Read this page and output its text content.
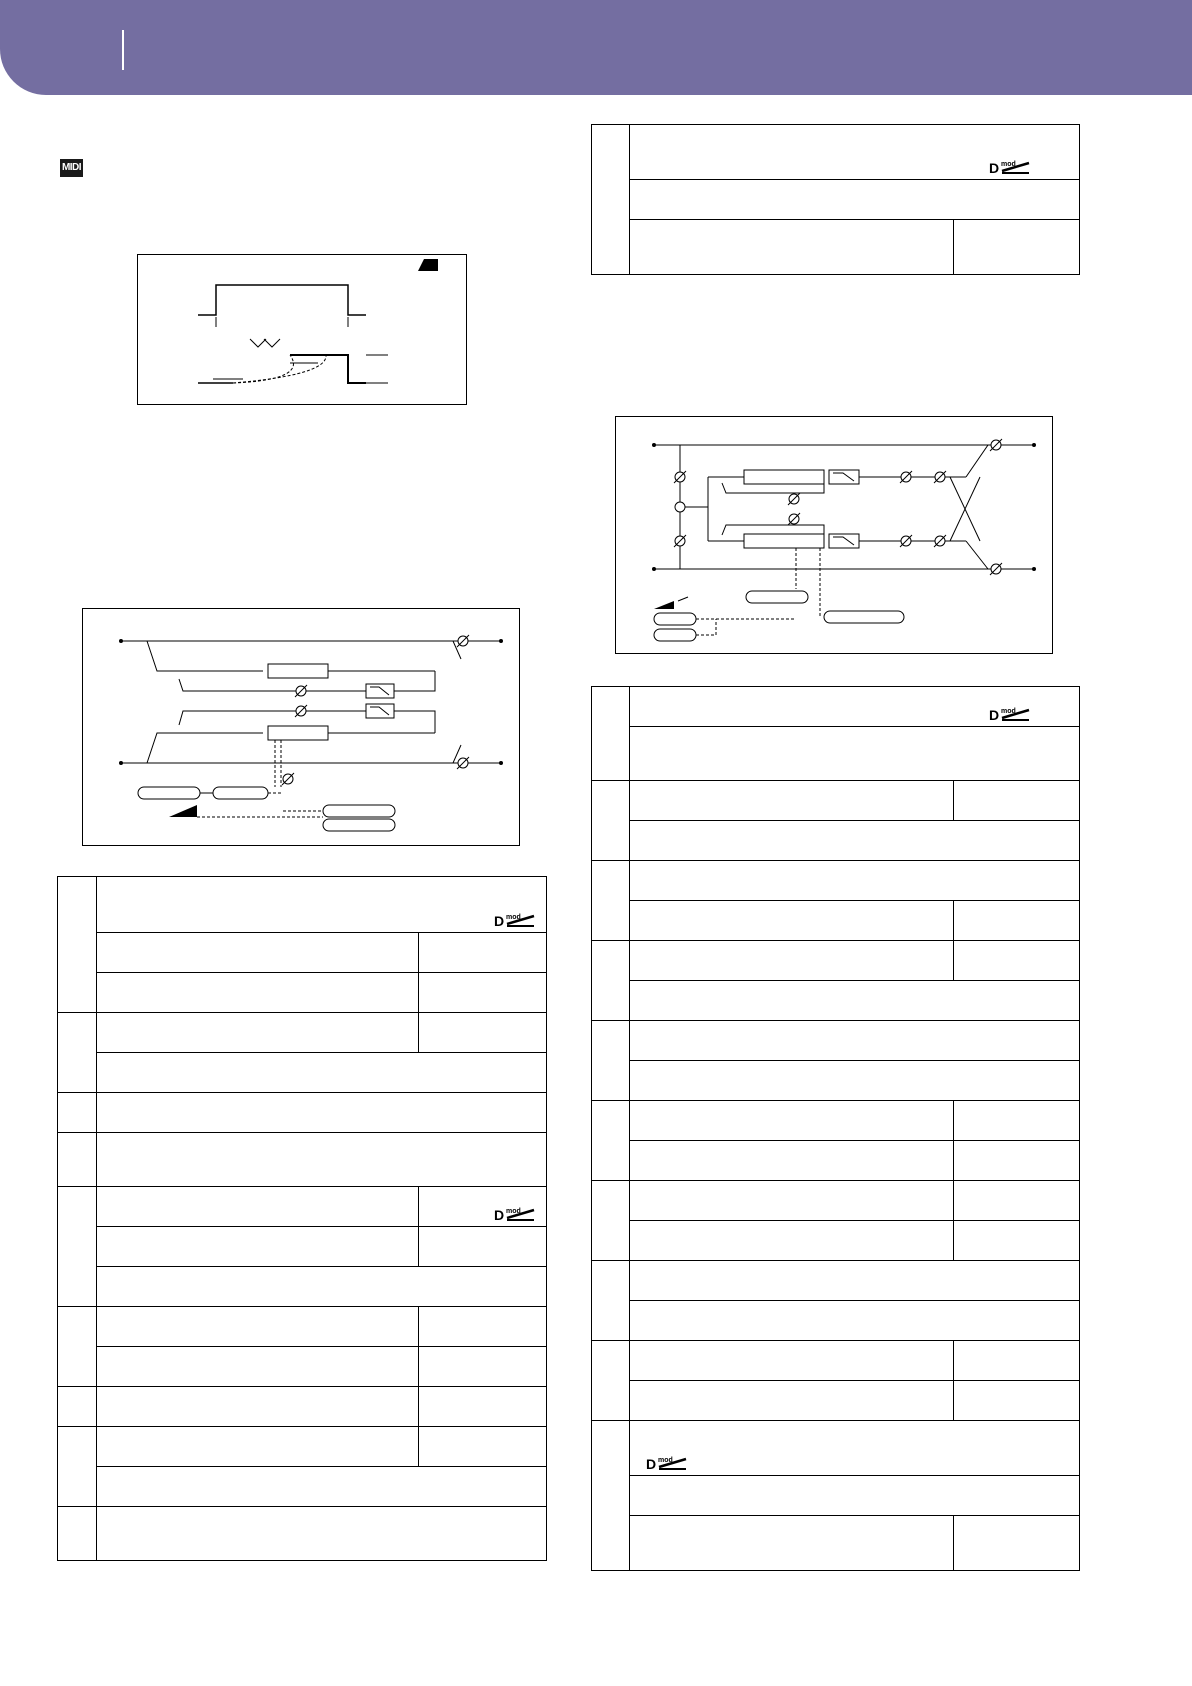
MIDI

D mod	

D mod

D mod	

D mod	

D mod	
